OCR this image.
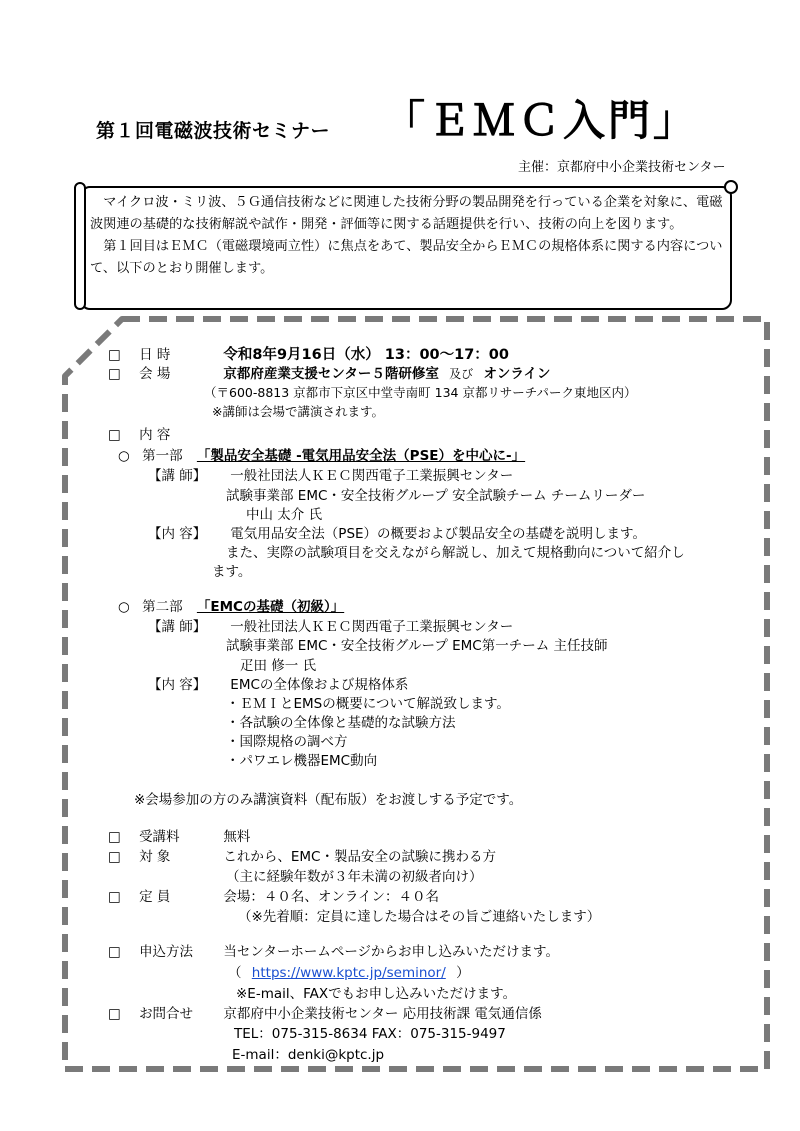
第１回電磁波技術セミナー 「ＥＭＣ入門」
主催：京都府中小企業技術センター

マイクロ波・ミリ波、５Ｇ通信技術などに関連した技術分野の製品開発を行っている企業を対象に、電磁波関連の基礎的な技術解説や試作・開発・評価等に関する話題提供を行い、技術の向上を図ります。

第１回目はＥＭＣ（電磁環境両立性）に焦点をあて、製品安全からＥＭＣの規格体系に関する内容について、以下のとおり開催します。

□ 日 時	令和8年9月16日（水） 13：00〜17：00
□ 会 場	京都府産業支援センター５階研修室 及び オンライン
（〒600-8813 京都市下京区中堂寺南町 134 京都リサーチパーク東地区内）
※講師は会場で講演されます。
□ 内 容
○ 第一部 「製品安全基礎 -電気用品安全法（PSE）を中心に-」
【講 師】 一般社団法人ＫＥＣ関西電子工業振興センター
試験事業部 EMC・安全技術グループ 安全試験チーム チームリーダー
中山 太介 氏
【内 容】 電気用品安全法（PSE）の概要および製品安全の基礎を説明します。
また、実際の試験項目を交えながら解説し、加えて規格動向について紹介し
ます。
○ 第二部 「EMCの基礎（初級）」
【講 師】 一般社団法人ＫＥＣ関西電子工業振興センター
試験事業部 EMC・安全技術グループ EMC第一チーム 主任技師
疋田 修一 氏
【内 容】 EMCの全体像および規格体系
・ＥＭＩとEMSの概要について解説致します。
・各試験の全体像と基礎的な試験方法
・国際規格の調べ方
・パワエレ機器EMC動向
※会場参加の方のみ講演資料（配布版）をお渡しする予定です。
□ 受講料	無料
□ 対 象	これから、EMC・製品安全の試験に携わる方
（主に経験年数が３年未満の初級者向け）
□ 定 員	会場：４０名、オンライン：４０名
（※先着順：定員に達した場合はその旨ご連絡いたします）
□ 申込方法 当センターホームページからお申し込みいただけます。
（ https://www.kptc.jp/seminor/ ）
※E-mail、FAXでもお申し込みいただけます。
□ お問合せ 京都府中小企業技術センター 応用技術課 電気通信係
TEL：075-315-8634 FAX：075-315-9497
E-mail：denki@kptc.jp
